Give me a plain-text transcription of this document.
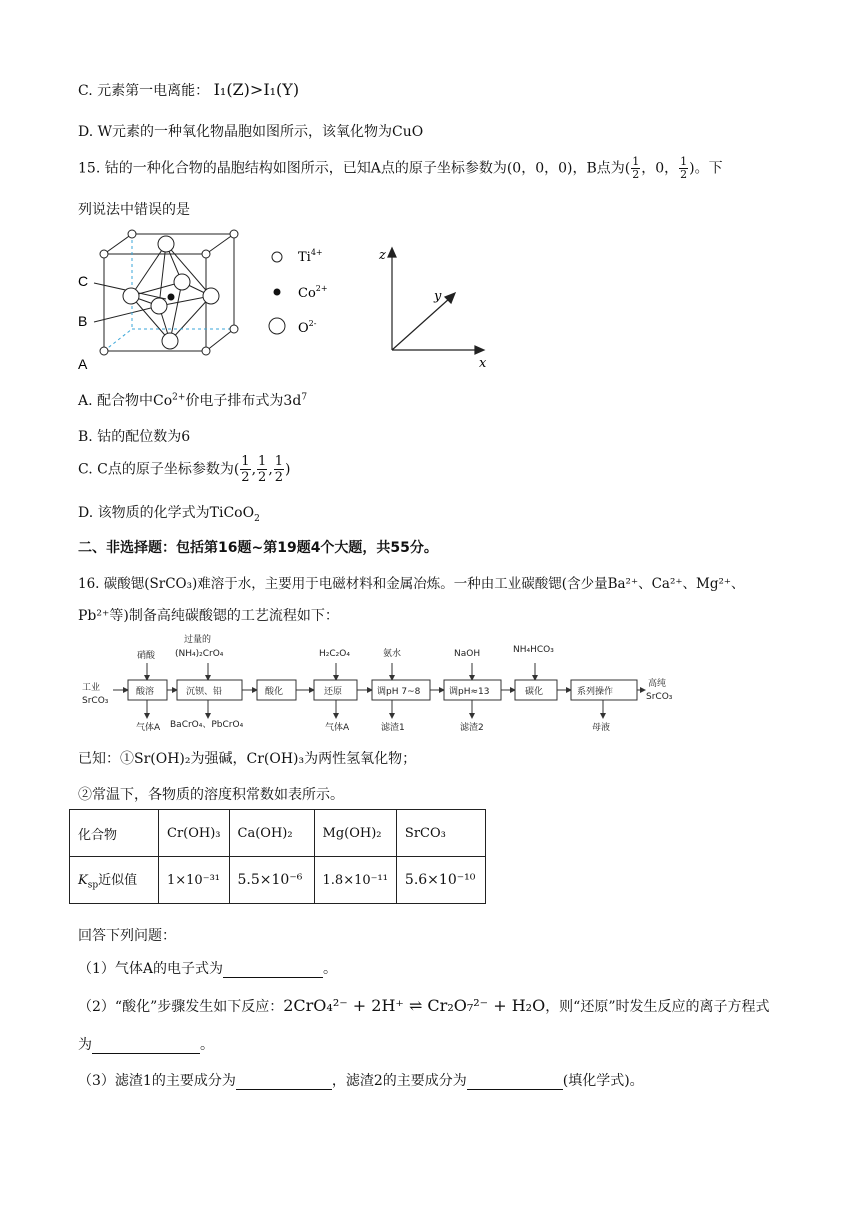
C. 元素第一电离能： I₁(Z)>I₁(Y)
D. W元素的一种氧化物晶胞如图所示，该氧化物为CuO
15. 钴的一种化合物的晶胞结构如图所示，已知A点的原子坐标参数为(0，0，0)，B点为( $\frac{1}{2}$ ，0， $\frac{1}{2}$ )。下
列说法中错误的是
C
B
A
$Ti^{4+}$
$Co^{2+}$
$O^{2-}$
z
y
x
A. 配合物中$Co^{2+}$价电子排布式为$3d^7$
B. 钴的配位数为6
C. C点的原子坐标参数为( $\frac{1}{2}$ , $\frac{1}{2}$ , $\frac{1}{2}$ )
D. 该物质的化学式为TiCoO$_2$
二、非选择题：包括第16题~第19题4个大题，共55分。
16. 碳酸锶(SrCO₃)难溶于水，主要用于电磁材料和金属冶炼。一种由工业碳酸锶(含少量Ba²⁺、Ca²⁺、Mg²⁺、
Pb²⁺等)制备高纯碳酸锶的工艺流程如下：
工业
SrCO₃
酸溶	沉钡、铅	酸化	还原	调pH 7~8	调pH≈13	碳化	系列操作
硝酸
过量的
(NH₄)₂CrO₄	H₂C₂O₄	氨水	NaOH	NH₄HCO₃
气体A BaCrO₄、PbCrO₄	气体A	滤渣1	滤渣2	母液
高纯
SrCO₃
已知：①Sr(OH)₂为强碱，Cr(OH)₃为两性氢氧化物；
②常温下，各物质的溶度积常数如表所示。
化合物	Cr(OH)₃	Ca(OH)₂	Mg(OH)₂	SrCO₃
$K_{sp}$近似值	1×10⁻³¹	5.5×10⁻⁶	1.8×10⁻¹¹	5.6×10⁻¹⁰
回答下列问题：
（1）气体A的电子式为	。
（2）“酸化”步骤发生如下反应：2CrO₄²⁻ + 2H⁺ ⇌ Cr₂O₇²⁻ + H₂O，则“还原”时发生反应的离子方程式
为	。
（3）滤渣1的主要成分为	，滤渣2的主要成分为	(填化学式)。
